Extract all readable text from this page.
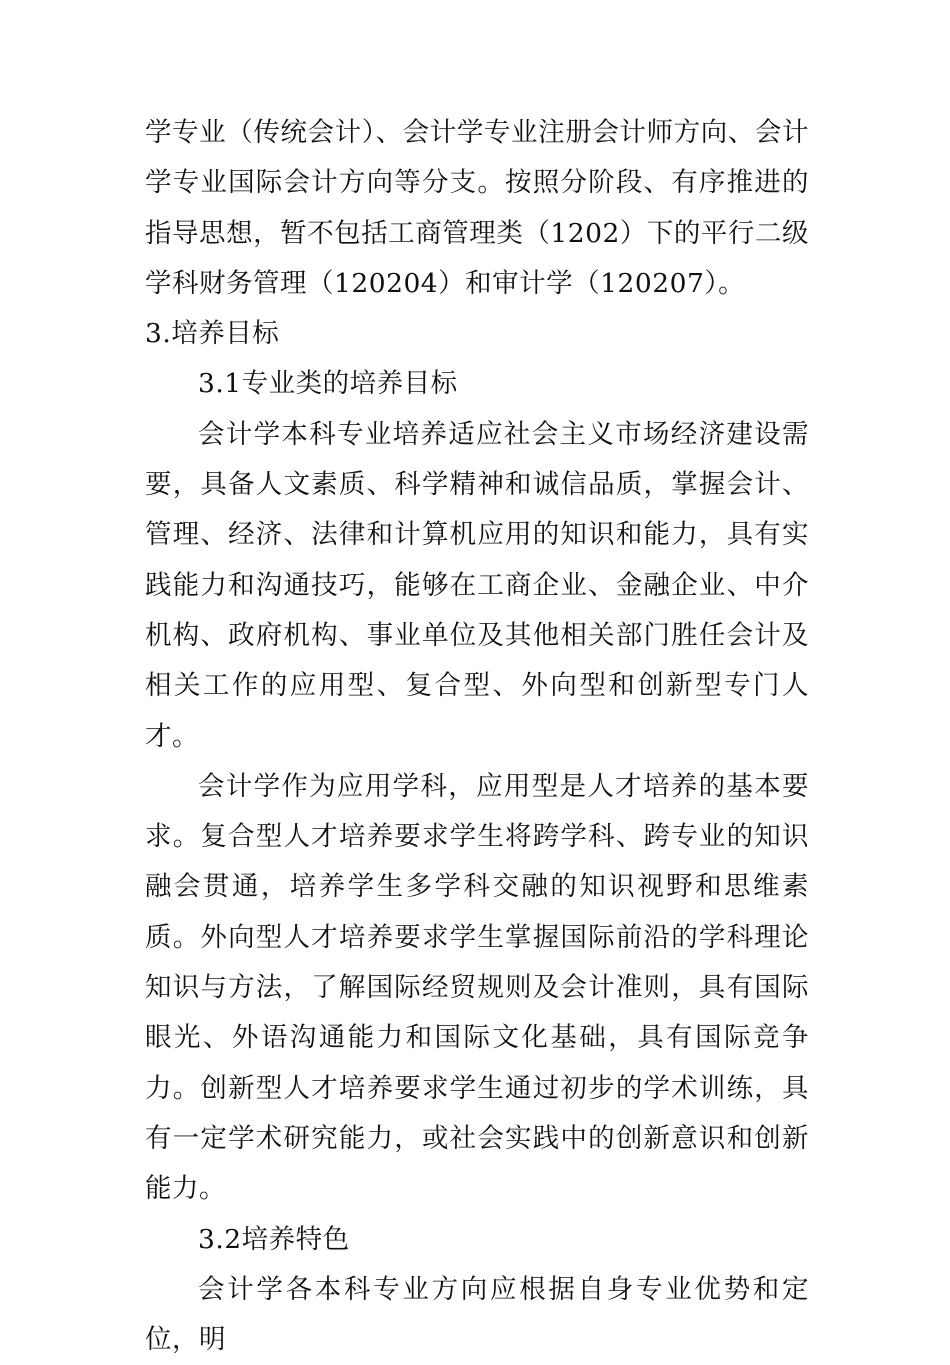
学专业（传统会计）、会计学专业注册会计师方向、会计学专业国际会计方向等分支。按照分阶段、有序推进的指导思想，暂不包括工商管理类（1202）下的平行二级学科财务管理（120204）和审计学（120207）。

3.培养目标

3.1专业类的培养目标

会计学本科专业培养适应社会主义市场经济建设需要，具备人文素质、科学精神和诚信品质，掌握会计、管理、经济、法律和计算机应用的知识和能力，具有实践能力和沟通技巧，能够在工商企业、金融企业、中介机构、政府机构、事业单位及其他相关部门胜任会计及相关工作的应用型、复合型、外向型和创新型专门人才。

会计学作为应用学科，应用型是人才培养的基本要求。复合型人才培养要求学生将跨学科、跨专业的知识融会贯通，培养学生多学科交融的知识视野和思维素质。外向型人才培养要求学生掌握国际前沿的学科理论知识与方法，了解国际经贸规则及会计准则，具有国际眼光、外语沟通能力和国际文化基础，具有国际竞争力。创新型人才培养要求学生通过初步的学术训练，具有一定学术研究能力，或社会实践中的创新意识和创新能力。

3.2培养特色

会计学各本科专业方向应根据自身专业优势和定位，明
